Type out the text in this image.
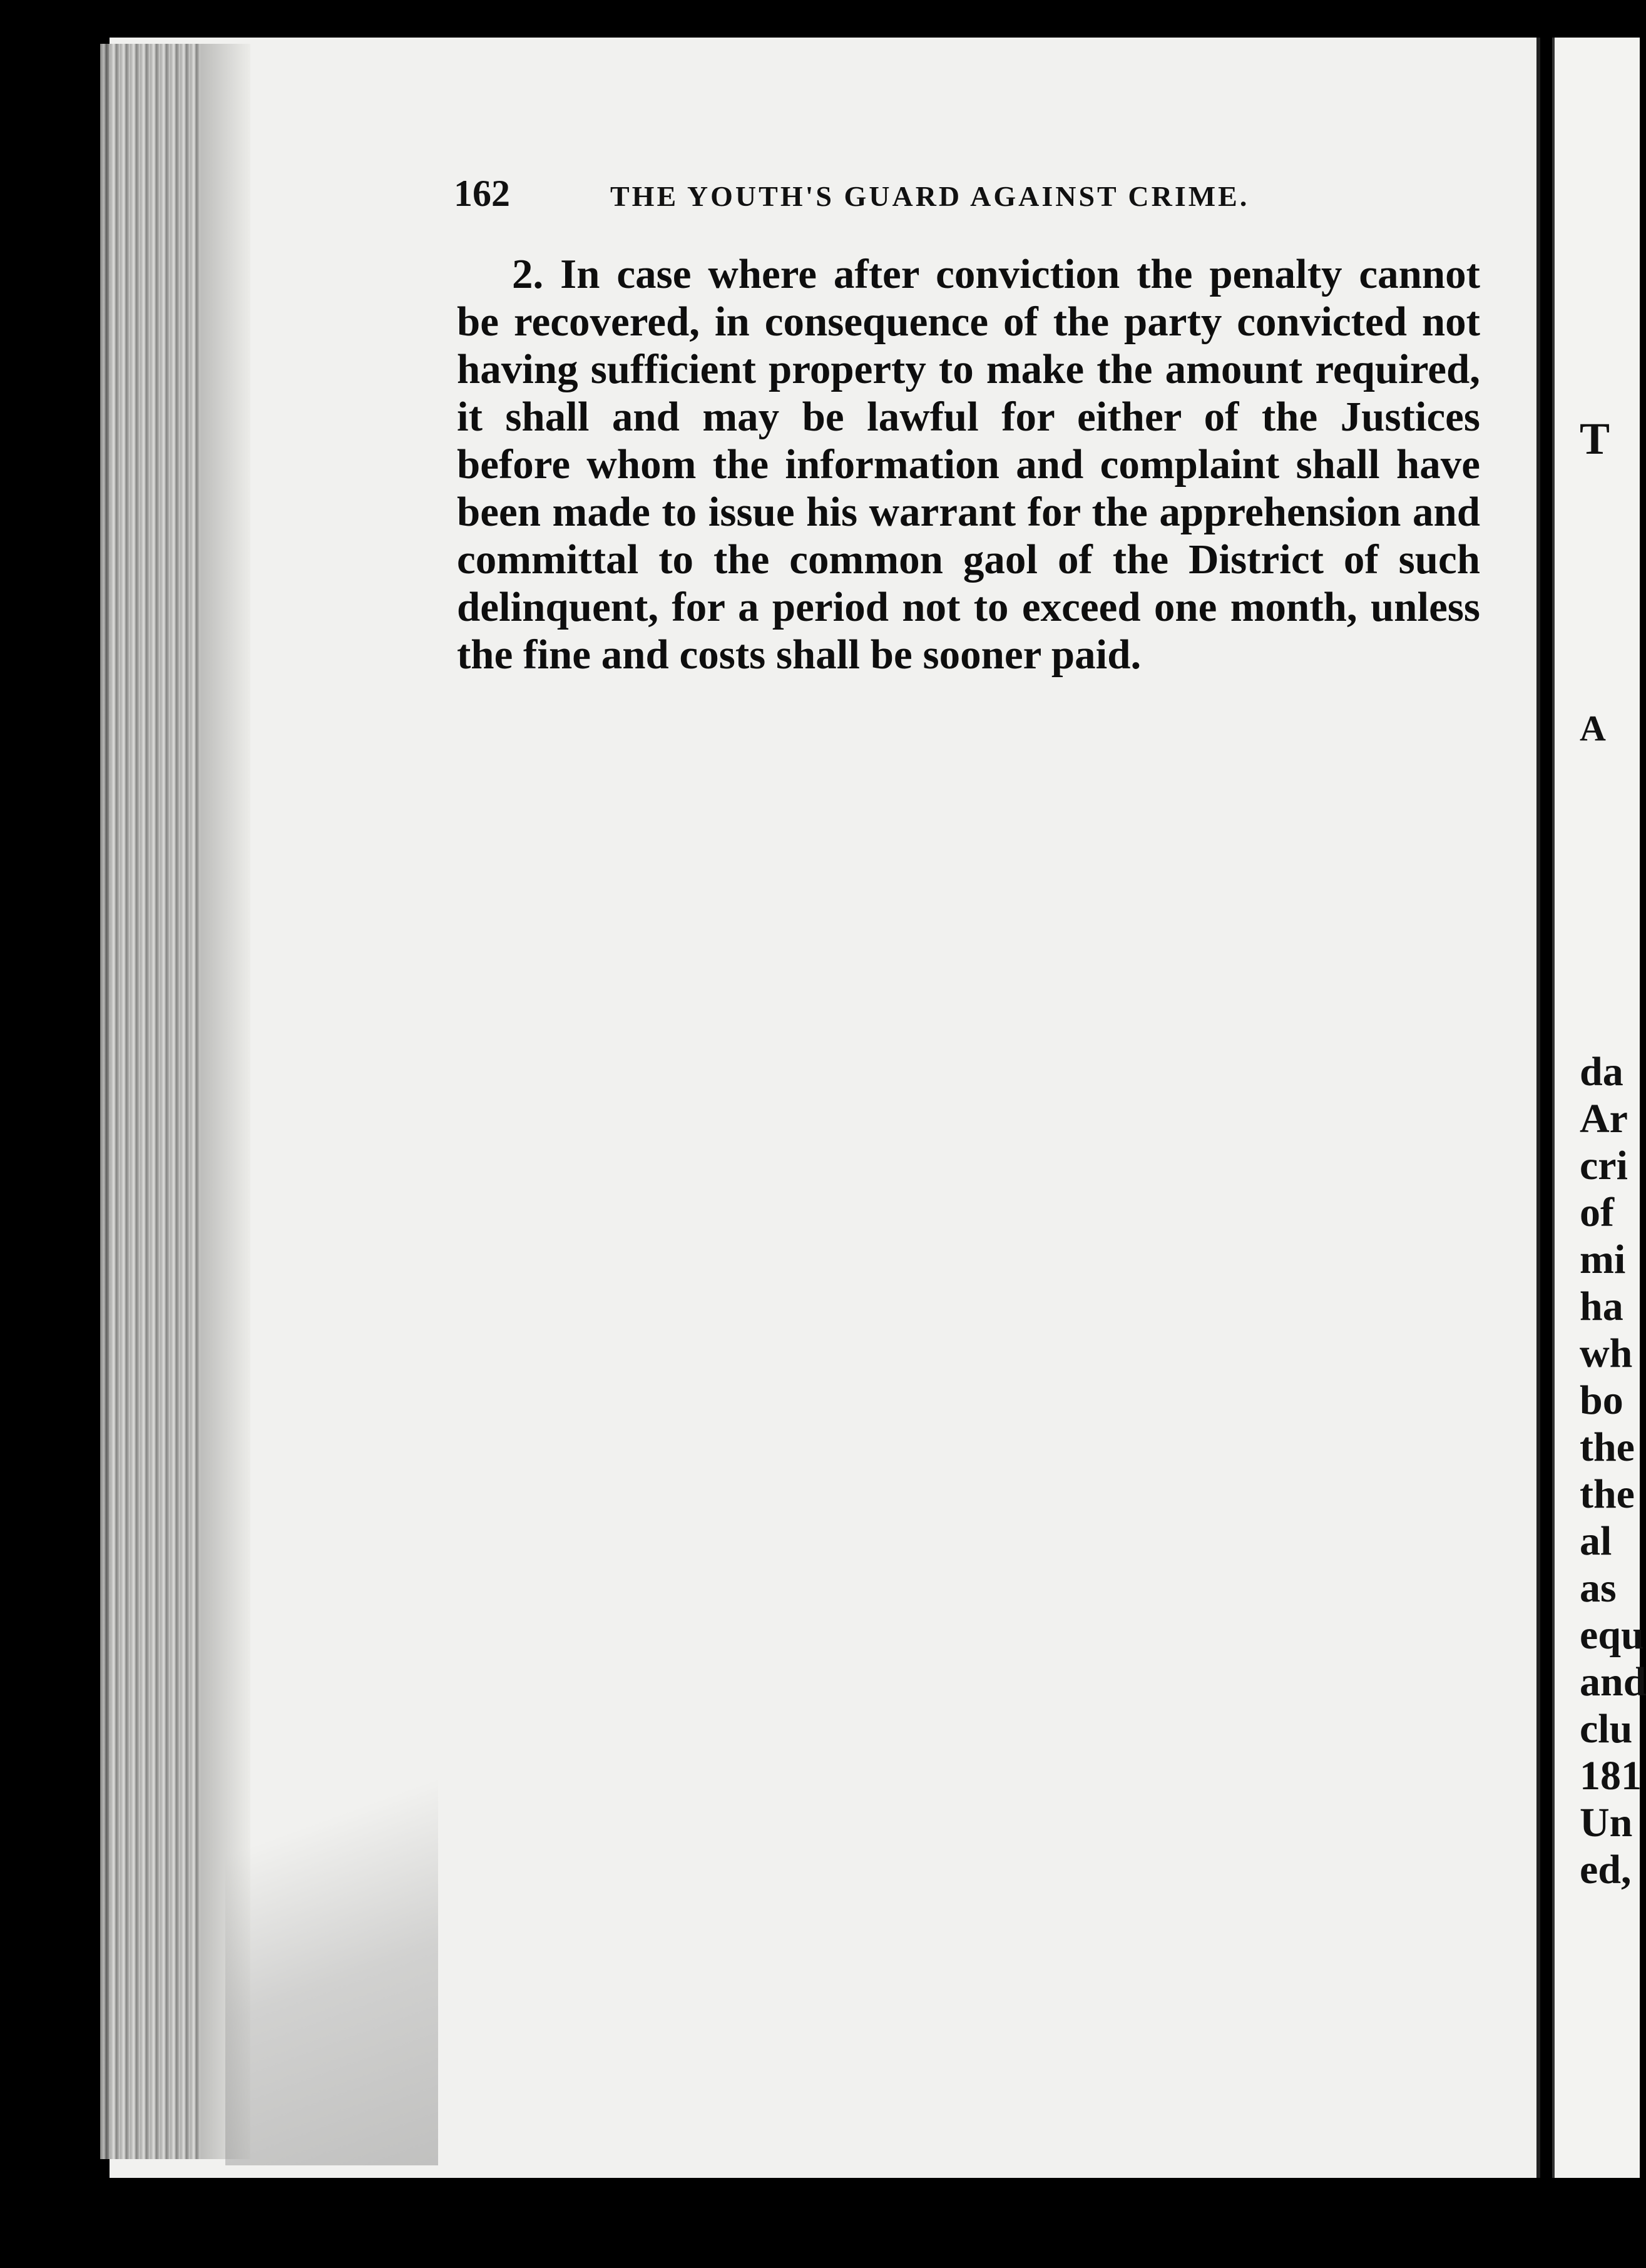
162	THE YOUTH'S GUARD AGAINST CRIME.

2. In case where after conviction the penalty cannot be recovered, in consequence of the party convicted not having sufficient property to make the amount required, it shall and may be lawful for either of the Justices before whom the information and complaint shall have been made to issue his warrant for the apprehension and committal to the common gaol of the District of such delinquent, for a period not to exceed one month, unless the fine and costs shall be sooner paid.

T
A
da
Ar
cri
of
mi
ha
wh
bo
the
the
al
as
equ
and
clu
181
Un
ed,
